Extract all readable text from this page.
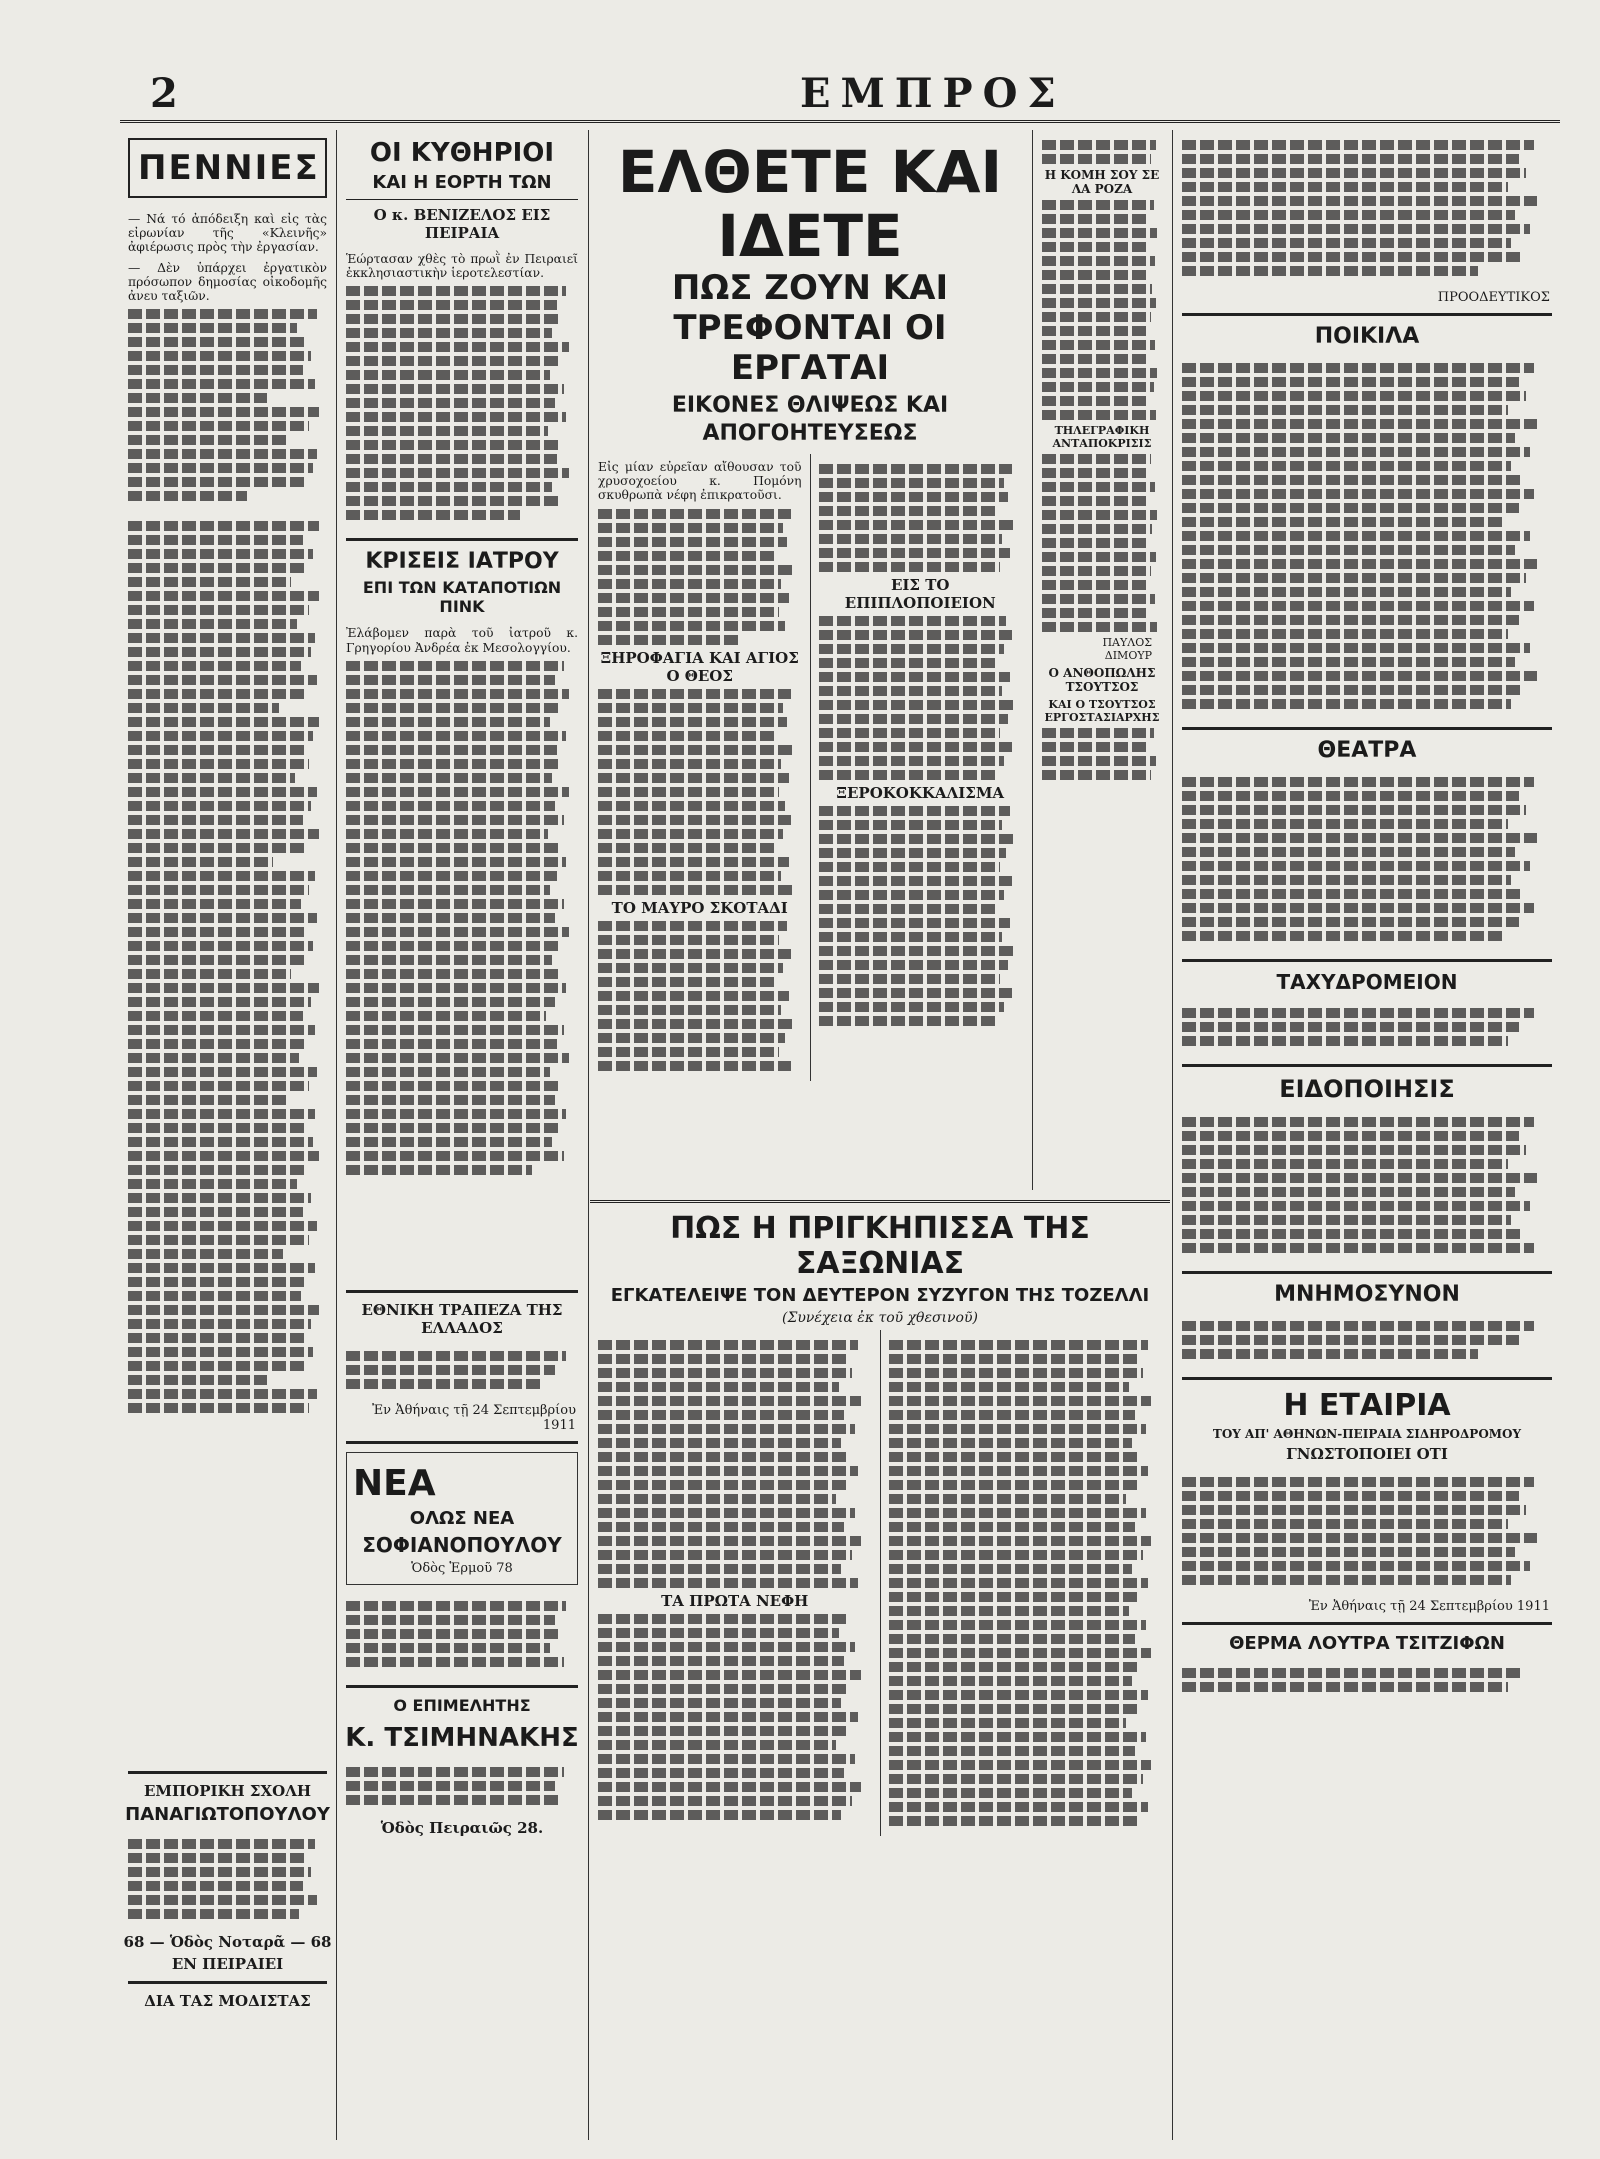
2	ΕΜΠΡΟΣ
ΠΕΝΝΙΕΣ

— Νά τό ἀπόδειξη καὶ εἰς τὰς εἰρωνίαν τῆς «Κλεινῆς» ἀφιέρωσις πρὸς τὴν ἐργασίαν.

— Δὲν ὑπάρχει ἐργατικὸν πρόσωπον δημοσίας οἰκοδομῆς ἀνευ ταξιῶν.

ΕΜΠΟΡΙΚΗ ΣΧΟΛΗ
ΠΑΝΑΓΙΩΤΟΠΟΥΛΟΥ
68 — Ὁδὸς Νοταρᾶ — 68
ΕΝ ΠΕΙΡΑΙΕΙ
ΔΙΑ ΤΑΣ ΜΟΔΙΣΤΑΣ
ΟΙ ΚΥΘΗΡΙΟΙ
ΚΑΙ Η ΕΟΡΤΗ ΤΩΝ
Ο κ. ΒΕΝΙΖΕΛΟΣ ΕΙΣ ΠΕΙΡΑΙΑ

Ἑώρτασαν χθὲς τὸ πρωῒ ἐν Πειραιεῖ ἐκκλησιαστικὴν ἱεροτελεστίαν.

ΚΡΙΣΕΙΣ ΙΑΤΡΟΥ
ΕΠΙ ΤΩΝ ΚΑΤΑΠΟΤΙΩΝ ΠΙΝΚ

Ἐλάβομεν παρὰ τοῦ ἰατροῦ κ. Γρηγορίου Ἀνδρέα ἐκ Μεσολογγίου.

ΕΘΝΙΚΗ ΤΡΑΠΕΖΑ ΤΗΣ ΕΛΛΑΔΟΣ
Ἐν Ἀθήναις τῇ 24 Σεπτεμβρίου 1911
ΝΕΑ
ΟΛΩΣ ΝΕΑ
ΣΟΦΙΑΝΟΠΟΥΛΟΥ
Ὁδὸς Ἑρμοῦ 78
Ο ΕΠΙΜΕΛΗΤΗΣ
Κ. ΤΣΙΜΗΝΑΚΗΣ
Ὁδὸς Πειραιῶς 28.
ΕΛΘΕΤΕ ΚΑΙ ΙΔΕΤΕ
ΠΩΣ ΖΟΥΝ ΚΑΙ ΤΡΕΦΟΝΤΑΙ ΟΙ ΕΡΓΑΤΑΙ
ΕΙΚΟΝΕΣ ΘΛΙΨΕΩΣ ΚΑΙ ΑΠΟΓΟΗΤΕΥΣΕΩΣ

Εἰς μίαν εὐρεῖαν αἴθουσαν τοῦ χρυσοχοείου κ. Πομόνη σκυθρωπὰ νέφη ἐπικρατοῦσι.

ΞΗΡΟΦΑΓΙΑ ΚΑΙ ΑΓΙΟΣ Ο ΘΕΟΣ
ΤΟ ΜΑΥΡΟ ΣΚΟΤΑΔΙ
ΕΙΣ ΤΟ ΕΠΙΠΛΟΠΟΙΕΙΟΝ
ΞΕΡΟΚΟΚΚΑΛΙΣΜΑ
ΠΩΣ Η ΠΡΙΓΚΗΠΙΣΣΑ ΤΗΣ ΣΑΞΩΝΙΑΣ
ΕΓΚΑΤΕΛΕΙΨΕ ΤΟΝ ΔΕΥΤΕΡΟΝ ΣΥΖΥΓΟΝ ΤΗΣ ΤΟΖΕΛΛΙ
(Συνέχεια ἐκ τοῦ χθεσινοῦ)
ΤΑ ΠΡΩΤΑ ΝΕΦΗ
Η ΚΟΜΗ ΣΟΥ ΣΕ ΛΑ ΡΟΖΑ
ΤΗΛΕΓΡΑΦΙΚΗ ΑΝΤΑΠΟΚΡΙΣΙΣ
ΠΑΥΛΟΣ ΔΙΜΟΥΡ
Ο ΑΝΘΟΠΩΛΗΣ ΤΣΟΥΤΣΟΣ
ΚΑΙ Ο ΤΣΟΥΤΣΟΣ ΕΡΓΟΣΤΑΣΙΑΡΧΗΣ
ΠΡΟΟΔΕΥΤΙΚΟΣ
ΠΟΙΚΙΛΑ
ΘΕΑΤΡΑ
ΤΑΧΥΔΡΟΜΕΙΟΝ
ΕΙΔΟΠΟΙΗΣΙΣ
ΜΝΗΜΟΣΥΝΟΝ
Η ΕΤΑΙΡΙΑ
ΤΟΥ ΑΠ' ΑΘΗΝΩΝ-ΠΕΙΡΑΙΑ ΣΙΔΗΡΟΔΡΟΜΟΥ
ΓΝΩΣΤΟΠΟΙΕΙ ΟΤΙ
Ἐν Ἀθήναις τῇ 24 Σεπτεμβρίου 1911
ΘΕΡΜΑ ΛΟΥΤΡΑ ΤΣΙΤΖΙΦΩΝ
